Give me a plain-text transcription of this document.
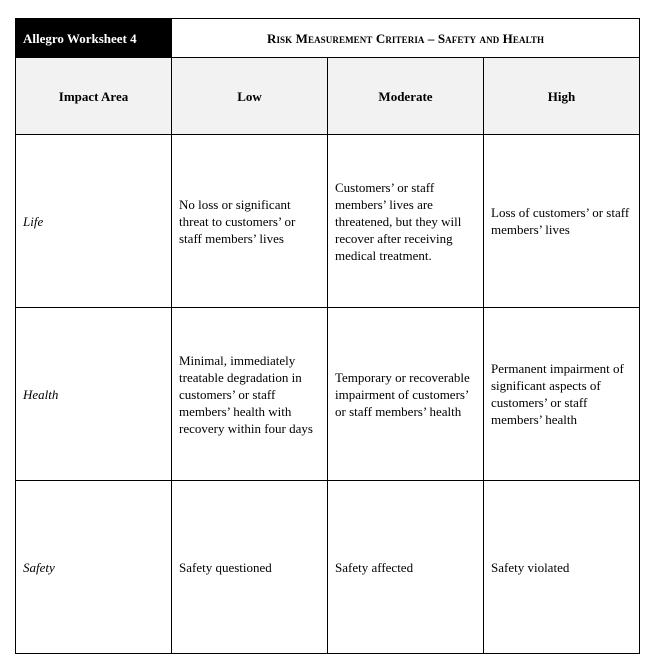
Allegro Worksheet 4	Risk Measurement Criteria – Safety and Health		
Impact Area	Low	Moderate	High
Life	No loss or significant threat to customers’ or staff members’ lives	Customers’ or staff members’ lives are threatened, but they will recover after receiving medical treatment.	Loss of customers’ or staff members’ lives
Health	Minimal, immediately treatable degradation in customers’ or staff members’ health with recovery within four days	Temporary or recoverable impairment of customers’ or staff members’ health	Permanent impairment of significant aspects of customers’ or staff members’ health
Safety	Safety questioned	Safety affected	Safety violated
